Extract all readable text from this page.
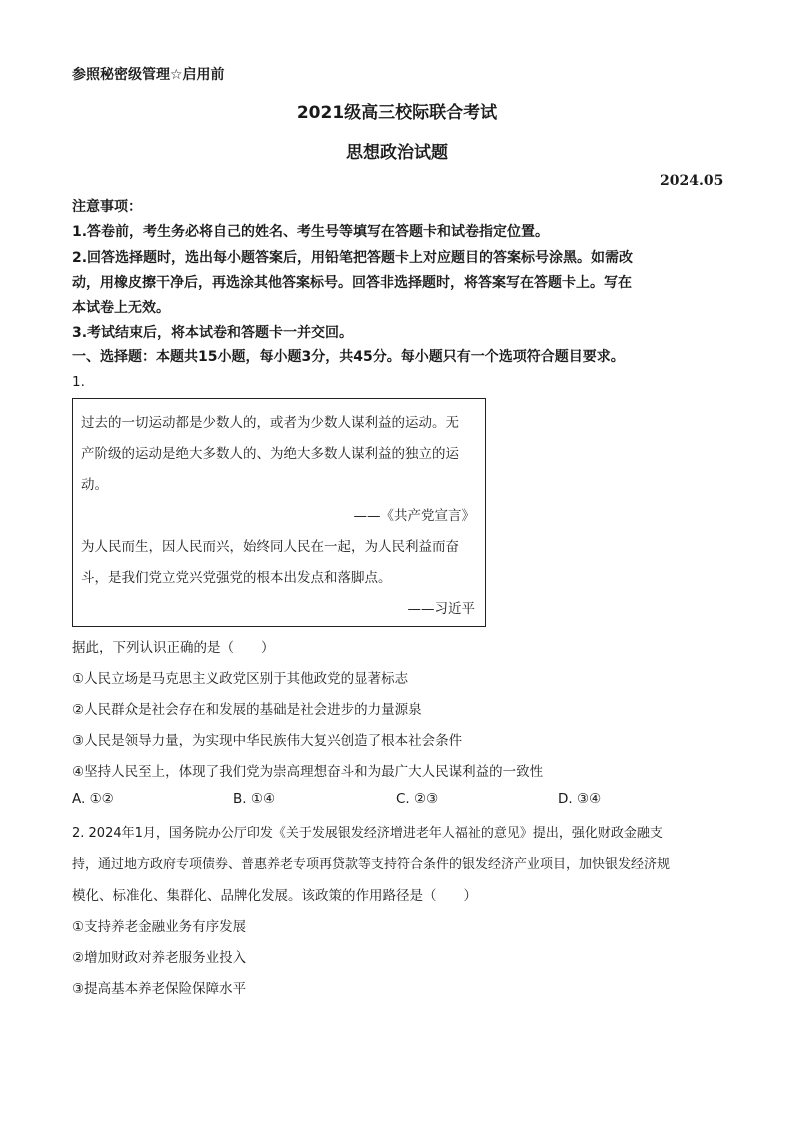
参照秘密级管理☆启用前
2021级高三校际联合考试
思想政治试题
2024.05
注意事项：
1.答卷前，考生务必将自己的姓名、考生号等填写在答题卡和试卷指定位置。
2.回答选择题时，选出每小题答案后，用铅笔把答题卡上对应题目的答案标号涂黑。如需改
动，用橡皮擦干净后，再选涂其他答案标号。回答非选择题时，将答案写在答题卡上。写在
本试卷上无效。
3.考试结束后，将本试卷和答题卡一并交回。
一、选择题：本题共15小题，每小题3分，共45分。每小题只有一个选项符合题目要求。
1.
过去的一切运动都是少数人的，或者为少数人谋利益的运动。无
产阶级的运动是绝大多数人的、为绝大多数人谋利益的独立的运
动。
——《共产党宣言》
为人民而生，因人民而兴，始终同人民在一起，为人民利益而奋
斗，是我们党立党兴党强党的根本出发点和落脚点。
——习近平
据此，下列认识正确的是（　　）
①人民立场是马克思主义政党区别于其他政党的显著标志
②人民群众是社会存在和发展的基础是社会进步的力量源泉
③人民是领导力量，为实现中华民族伟大复兴创造了根本社会条件
④坚持人民至上，体现了我们党为崇高理想奋斗和为最广大人民谋利益的一致性
A. ①②	B. ①④	C. ②③	D. ③④
2. 2024年1月，国务院办公厅印发《关于发展银发经济增进老年人福祉的意见》提出，强化财政金融支
持，通过地方政府专项债券、普惠养老专项再贷款等支持符合条件的银发经济产业项目，加快银发经济规
模化、标准化、集群化、品牌化发展。该政策的作用路径是（　　）
①支持养老金融业务有序发展
②增加财政对养老服务业投入
③提高基本养老保险保障水平
